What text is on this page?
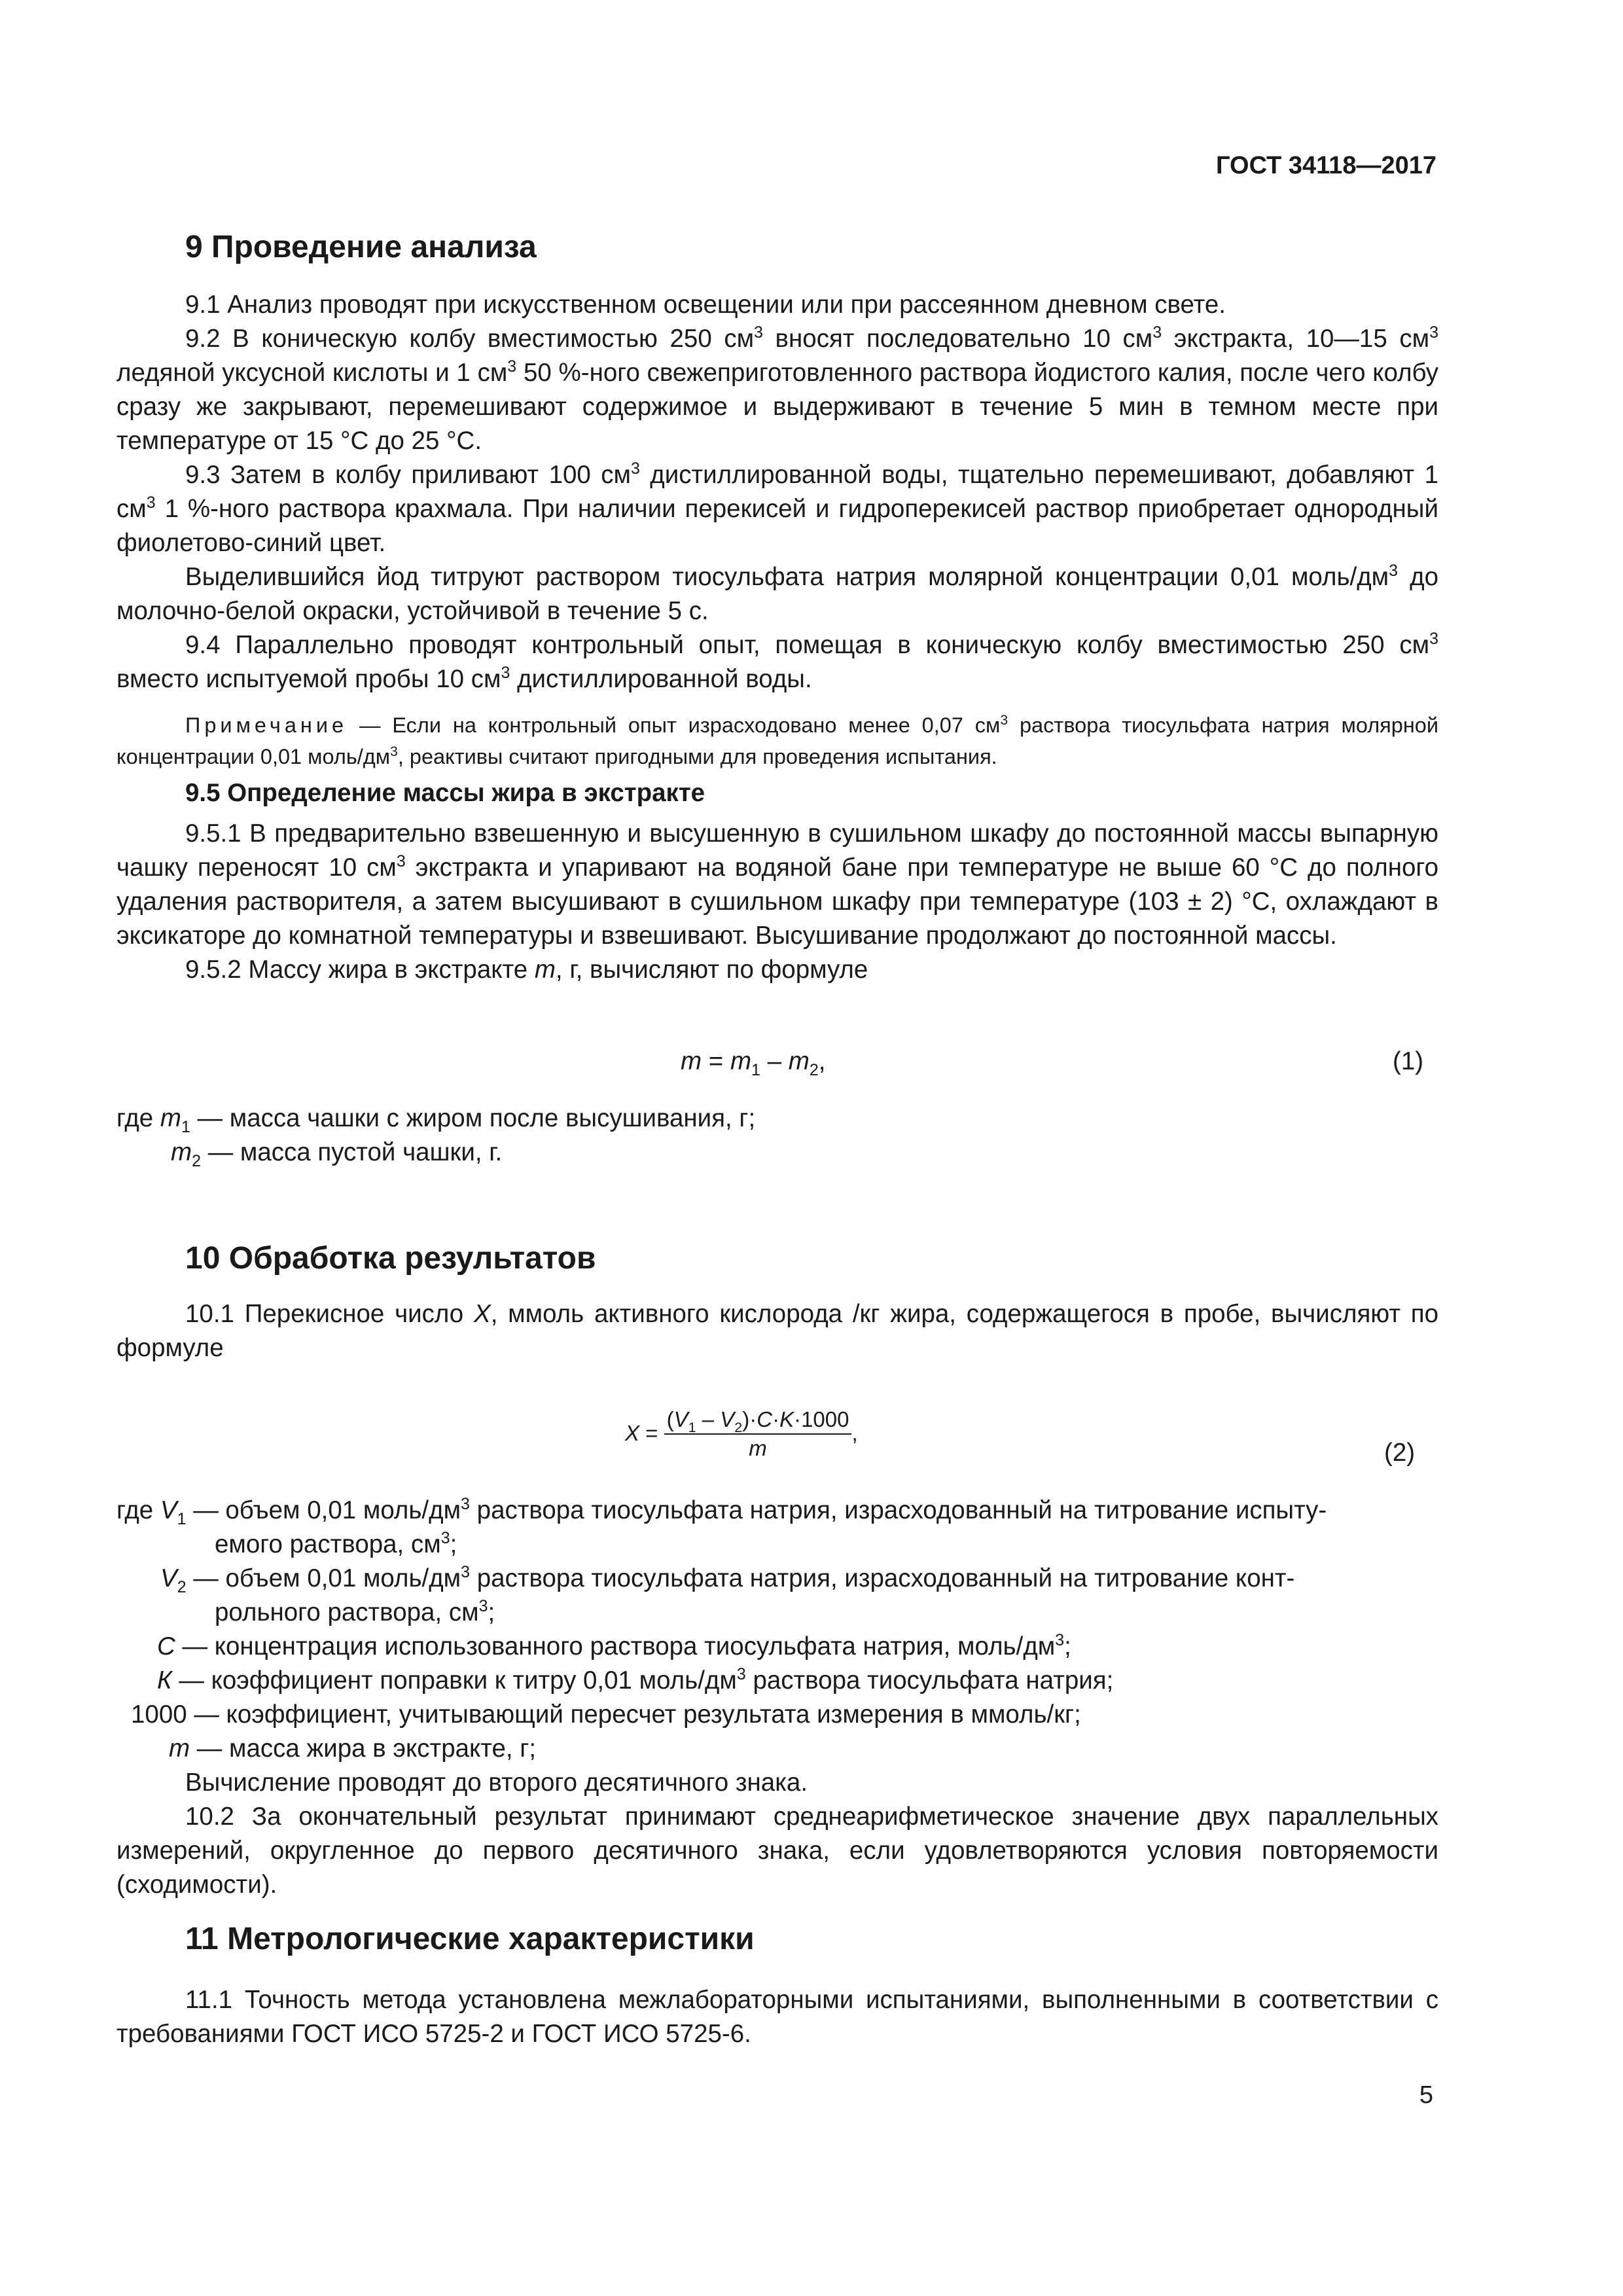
ГОСТ 34118—2017

9 Проведение анализа

9.1 Анализ проводят при искусственном освещении или при рассеянном дневном свете.

9.2 В коническую колбу вместимостью 250 $см^3$ вносят последовательно 10 $см^3$ экстракта, 10—15 $см^3$ ледяной уксусной кислоты и 1 $см^3$ 50 %-ного свежеприготовленного раствора йодистого калия, после чего колбу сразу же закрывают, перемешивают содержимое и выдерживают в течение 5 мин в темном месте при температуре от 15 °С до 25 °С.

9.3 Затем в колбу приливают 100 $см^3$ дистиллированной воды, тщательно перемешивают, добавляют 1 $см^3$ 1 %-ного раствора крахмала. При наличии перекисей и гидроперекисей раствор приобретает однородный фиолетово-синий цвет.

Выделившийся йод титруют раствором тиосульфата натрия молярной концентрации 0,01 моль/$дм^3$ до молочно-белой окраски, устойчивой в течение 5 с.

9.4 Параллельно проводят контрольный опыт, помещая в коническую колбу вместимостью 250 $см^3$ вместо испытуемой пробы 10 $см^3$ дистиллированной воды.

Примечание — Если на контрольный опыт израсходовано менее 0,07 $см^3$ раствора тиосульфата натрия молярной концентрации 0,01 моль/$дм^3$, реактивы считают пригодными для проведения испытания.

9.5 Определение массы жира в экстракте

9.5.1 В предварительно взвешенную и высушенную в сушильном шкафу до постоянной массы выпарную чашку переносят 10 $см^3$ экстракта и упаривают на водяной бане при температуре не выше 60 °С до полного удаления растворителя, а затем высушивают в сушильном шкафу при температуре (103 ± 2) °С, охлаждают в эксикаторе до комнатной температуры и взвешивают. Высушивание продолжают до постоянной массы.

9.5.2 Массу жира в экстракте m, г, вычисляют по формуле

$m = m_1 - m_2$,	(1)
где $m_1$ — масса чашки с жиром после высушивания, г;
$m_2$ — масса пустой чашки, г.

10 Обработка результатов

10.1 Перекисное число X, ммоль активного кислорода /кг жира, содержащегося в пробе, вычисляют по формуле

$X = \frac{(V_1 - V_2)\cdot C\cdot K\cdot 1000}{m}$ ,
(2)
где $V_1$ — объем 0,01 моль/$дм^3$ раствора тиосульфата натрия, израсходованный на титрование испыту-
емого раствора, $см^3$;
$V_2$ — объем 0,01 моль/$дм^3$ раствора тиосульфата натрия, израсходованный на титрование конт-
рольного раствора, $см^3$;
С — концентрация использованного раствора тиосульфата натрия, моль/$дм^3$;
К — коэффициент поправки к титру 0,01 моль/$дм^3$ раствора тиосульфата натрия;
1000 — коэффициент, учитывающий пересчет результата измерения в ммоль/кг;
m — масса жира в экстракте, г;

Вычисление проводят до второго десятичного знака.

10.2 За окончательный результат принимают среднеарифметическое значение двух параллельных измерений, округленное до первого десятичного знака, если удовлетворяются условия повторяемости (сходимости).

11 Метрологические характеристики

11.1 Точность метода установлена межлабораторными испытаниями, выполненными в соответствии с требованиями ГОСТ ИСО 5725-2 и ГОСТ ИСО 5725-6.

5
